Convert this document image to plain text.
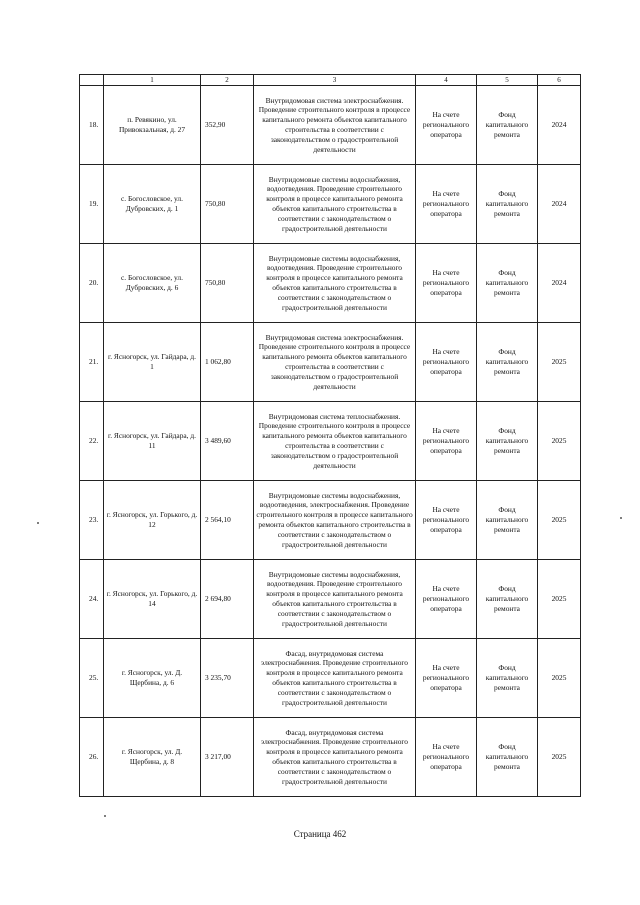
	1	2	3	4	5	6
18.	п. Ревякино, ул. Привокзальная, д. 27	352,90	Внутридомовая система электроснабжения. Проведение строительного контроля в процессе капитального ремонта объектов капитального строительства в соответствии с законодательством о градостроительной деятельности	На счете регионального оператора	Фонд капитального ремонта	2024
19.	с. Богословское, ул. Дубровских, д. 1	750,80	Внутридомовые системы водоснабжения, водоотведения. Проведение строительного контроля в процессе капитального ремонта объектов капитального строительства в соответствии с законодательством о градостроительной деятельности	На счете регионального оператора	Фонд капитального ремонта	2024
20.	с. Богословское, ул. Дубровских, д. 6	750,80	Внутридомовые системы водоснабжения, водоотведения. Проведение строительного контроля в процессе капитального ремонта объектов капитального строительства в соответствии с законодательством о градостроительной деятельности	На счете регионального оператора	Фонд капитального ремонта	2024
21.	г. Ясногорск, ул. Гайдара, д. 1	1 062,80	Внутридомовая система электроснабжения. Проведение строительного контроля в процессе капитального ремонта объектов капитального строительства в соответствии с законодательством о градостроительной деятельности	На счете регионального оператора	Фонд капитального ремонта	2025
22.	г. Ясногорск, ул. Гайдара, д. 11	3 489,60	Внутридомовая система теплоснабжения. Проведение строительного контроля в процессе капитального ремонта объектов капитального строительства в соответствии с законодательством о градостроительной деятельности	На счете регионального оператора	Фонд капитального ремонта	2025
23.	г. Ясногорск, ул. Горького, д. 12	2 564,10	Внутридомовые системы водоснабжения, водоотведения, электроснабжения. Проведение строительного контроля в процессе капитального ремонта объектов капитального строительства в соответствии с законодательством о градостроительной деятельности	На счете регионального оператора	Фонд капитального ремонта	2025
24.	г. Ясногорск, ул. Горького, д. 14	2 694,80	Внутридомовые системы водоснабжения, водоотведения. Проведение строительного контроля в процессе капитального ремонта объектов капитального строительства в соответствии с законодательством о градостроительной деятельности	На счете регионального оператора	Фонд капитального ремонта	2025
25.	г. Ясногорск, ул. Д. Щербина, д. 6	3 235,70	Фасад, внутридомовая система электроснабжения. Проведение строительного контроля в процессе капитального ремонта объектов капитального строительства в соответствии с законодательством о градостроительной деятельности	На счете регионального оператора	Фонд капитального ремонта	2025
26.	г. Ясногорск, ул. Д. Щербина, д. 8	3 217,00	Фасад, внутридомовая система электроснабжения. Проведение строительного контроля в процессе капитального ремонта объектов капитального строительства в соответствии с законодательством о градостроительной деятельности	На счете регионального оператора	Фонд капитального ремонта	2025
Страница 462
